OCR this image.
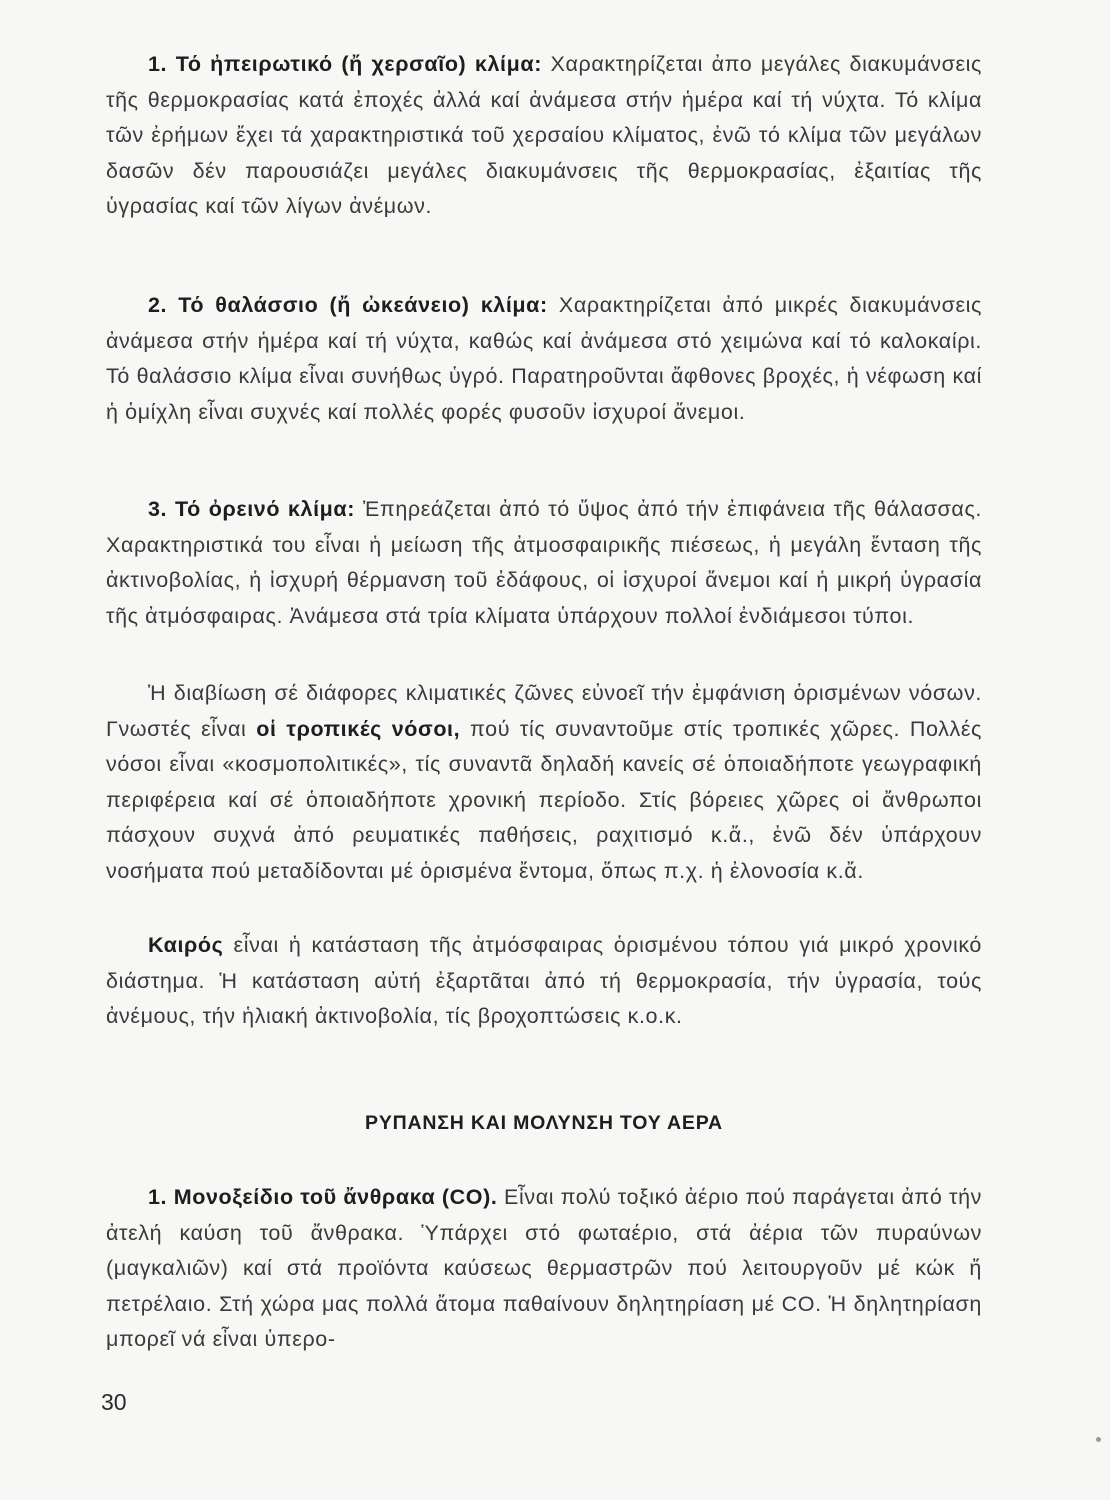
1. Τό ἠπειρωτικό (ἤ χερσαῖο) κλίμα: Χαρακτηρίζεται ἀπο μεγάλες διακυμάνσεις τῆς θερμοκρασίας κατά ἐποχές ἀλλά καί ἀνάμεσα στήν ἡμέρα καί τή νύχτα. Τό κλίμα τῶν ἐρήμων ἔχει τά χαρακτηριστικά τοῦ χερσαίου κλίματος, ἐνῶ τό κλίμα τῶν μεγάλων δασῶν δέν παρουσιάζει μεγάλες διακυμάνσεις τῆς θερμοκρασίας, ἐξαιτίας τῆς ὑγρασίας καί τῶν λίγων ἀνέμων.

2. Τό θαλάσσιο (ἤ ὠκεάνειο) κλίμα: Χαρακτηρίζεται ἀπό μικρές διακυμάνσεις ἀνάμεσα στήν ἡμέρα καί τή νύχτα, καθώς καί ἀνάμεσα στό χειμώνα καί τό καλοκαίρι. Τό θαλάσσιο κλίμα εἶναι συνήθως ὑγρό. Παρατηροῦνται ἄφθονες βροχές, ἡ νέφωση καί ἡ ὁμίχλη εἶναι συχνές καί πολλές φορές φυσοῦν ἰσχυροί ἄνεμοι.

3. Τό ὀρεινό κλίμα: Ἐπηρεάζεται ἀπό τό ὕψος ἀπό τήν ἐπιφάνεια τῆς θάλασσας. Χαρακτηριστικά του εἶναι ἡ μείωση τῆς ἀτμοσφαιρικῆς πιέσεως, ἡ μεγάλη ἔνταση τῆς ἀκτινοβολίας, ἡ ἰσχυρή θέρμανση τοῦ ἐδάφους, οἱ ἰσχυροί ἄνεμοι καί ἡ μικρή ὑγρασία τῆς ἀτμόσφαιρας. Ἀνάμεσα στά τρία κλίματα ὑπάρχουν πολλοί ἐνδιάμεσοι τύποι.

Ἡ διαβίωση σέ διάφορες κλιματικές ζῶνες εὐνοεῖ τήν ἐμφάνιση ὁρισμένων νόσων. Γνωστές εἶναι οἱ τροπικές νόσοι, πού τίς συναντοῦμε στίς τροπικές χῶρες. Πολλές νόσοι εἶναι «κοσμοπολιτικές», τίς συναντᾶ δηλαδή κανείς σέ ὁποιαδήποτε γεωγραφική περιφέρεια καί σέ ὁποιαδήποτε χρονική περίοδο. Στίς βόρειες χῶρες οἱ ἄνθρωποι πάσχουν συχνά ἀπό ρευματικές παθήσεις, ραχιτισμό κ.ἄ., ἐνῶ δέν ὑπάρχουν νοσήματα πού μεταδίδονται μέ ὁρισμένα ἔντομα, ὅπως π.χ. ἡ ἐλονοσία κ.ἄ.

Καιρός εἶναι ἡ κατάσταση τῆς ἀτμόσφαιρας ὁρισμένου τόπου γιά μικρό χρονικό διάστημα. Ἡ κατάσταση αὐτή ἐξαρτᾶται ἀπό τή θερμοκρασία, τήν ὑγρασία, τούς ἀνέμους, τήν ἡλιακή ἀκτινοβολία, τίς βροχοπτώσεις κ.ο.κ.

ΡΥΠΑΝΣΗ ΚΑΙ ΜΟΛΥΝΣΗ ΤΟΥ ΑΕΡΑ

1. Μονοξείδιο τοῦ ἄνθρακα (CO). Εἶναι πολύ τοξικό ἀέριο πού παράγεται ἀπό τήν ἀτελή καύση τοῦ ἄνθρακα. Ὑπάρχει στό φωταέριο, στά ἀέρια τῶν πυραύνων (μαγκαλιῶν) καί στά προϊόντα καύσεως θερμαστρῶν πού λειτουργοῦν μέ κώκ ἤ πετρέλαιο. Στή χώρα μας πολλά ἄτομα παθαίνουν δηλητηρίαση μέ CO. Ἡ δηλητηρίαση μπορεῖ νά εἶναι ὑπερο-

30
